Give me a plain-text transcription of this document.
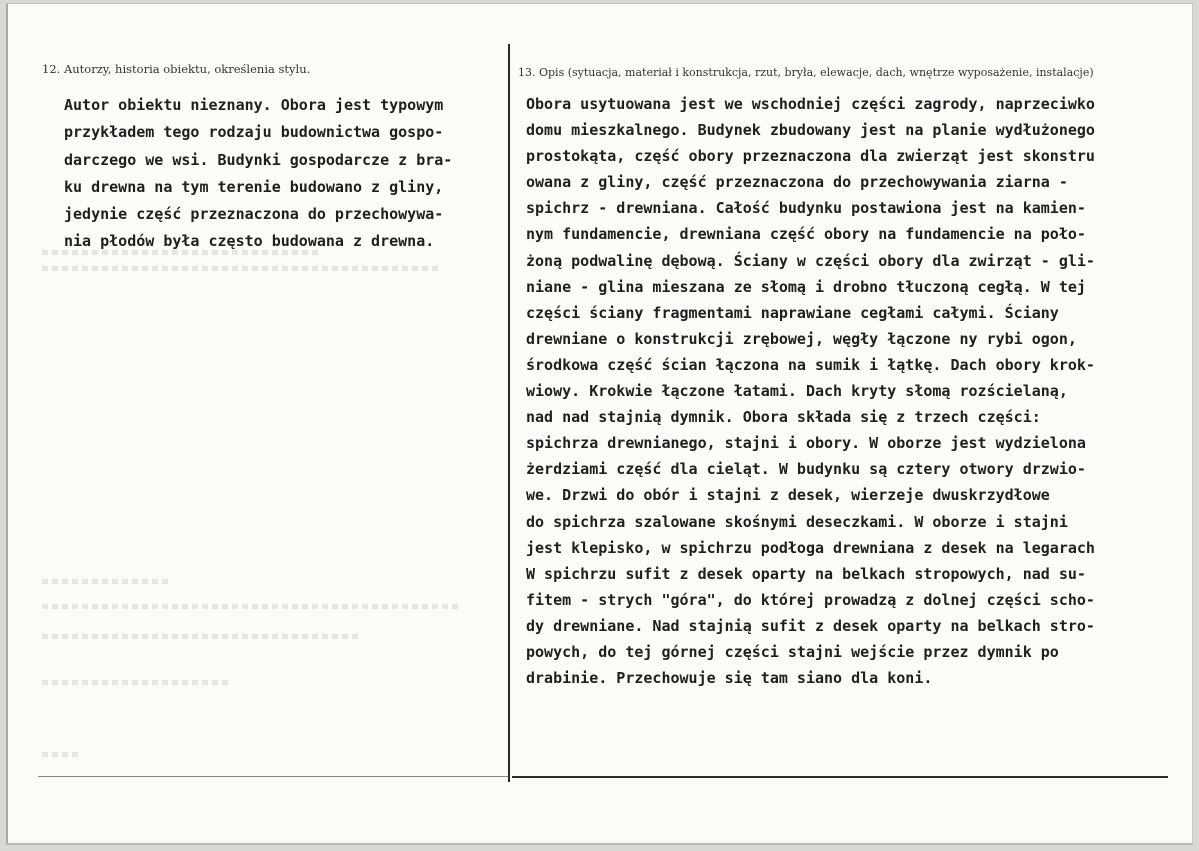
12. Autorzy, historia obiektu, określenia stylu.
Autor obiektu nieznany. Obora jest typowym
przykładem tego rodzaju budownictwa gospo-
darczego we wsi. Budynki gospodarcze z bra-
ku drewna na tym terenie budowano z gliny,
jedynie część przeznaczona do przechowywa-
nia płodów była często budowana z drewna.
13. Opis (sytuacja, materiał i konstrukcja, rzut, bryła, elewacje, dach, wnętrze wyposażenie, instalacje)
Obora usytuowana jest we wschodniej części zagrody, naprzeciwko
domu mieszkalnego. Budynek zbudowany jest na planie wydłużonego
prostokąta, część obory przeznaczona dla zwierząt jest skonstru
owana z gliny, część przeznaczona do przechowywania ziarna -
spichrz - drewniana. Całość budynku postawiona jest na kamien-
nym fundamencie, drewniana część obory na fundamencie na poło-
żoną podwalinę dębową. Ściany w części obory dla zwirząt - gli-
niane - glina mieszana ze słomą i drobno tłuczoną cegłą. W tej
części ściany fragmentami naprawiane cegłami całymi. Ściany
drewniane o konstrukcji zrębowej, węgły łączone ny rybi ogon,
środkowa część ścian łączona na sumik i łątkę. Dach obory krok-
wiowy. Krokwie łączone łatami. Dach kryty słomą rozścielaną,
nad nad stajnią dymnik. Obora składa się z trzech części:
spichrza drewnianego, stajni i obory. W oborze jest wydzielona
żerdziami część dla cieląt. W budynku są cztery otwory drzwio-
we. Drzwi do obór i stajni z desek, wierzeje dwuskrzydłowe
do spichrza szalowane skośnymi deseczkami. W oborze i stajni
jest klepisko, w spichrzu podłoga drewniana z desek na legarach
W spichrzu sufit z desek oparty na belkach stropowych, nad su-
fitem - strych "góra", do której prowadzą z dolnej części scho-
dy drewniane. Nad stajnią sufit z desek oparty na belkach stro-
powych, do tej górnej części stajni wejście przez dymnik po
drabinie. Przechowuje się tam siano dla koni.
